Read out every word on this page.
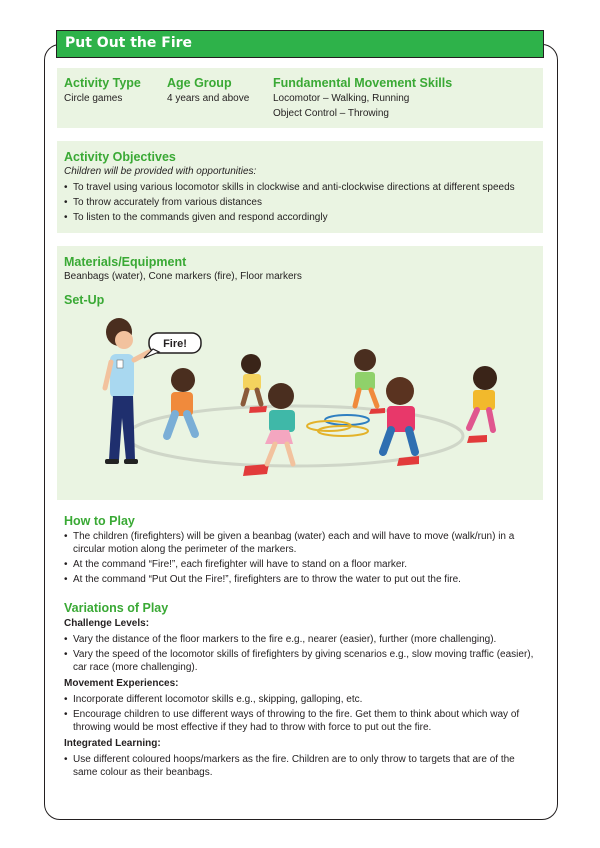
Put Out the Fire
Activity Type
Circle games
Age Group
4 years and above
Fundamental Movement Skills
Locomotor – Walking, Running
Object Control – Throwing
Activity Objectives
Children will be provided with opportunities:
• To travel using various locomotor skills in clockwise and anti-clockwise directions at different speeds
• To throw accurately from various distances
• To listen to the commands given and respond accordingly
Materials/Equipment
Beanbags (water), Cone markers (fire), Floor markers
Set-Up
Fire!
How to Play
• The children (firefighters) will be given a beanbag (water) each and will have to move (walk/run) in a circular motion along the perimeter of the markers.
• At the command “Fire!”, each firefighter will have to stand on a floor marker.
• At the command “Put Out the Fire!”, firefighters are to throw the water to put out the fire.
Variations of Play
Challenge Levels:
• Vary the distance of the floor markers to the fire e.g., nearer (easier), further (more challenging).
• Vary the speed of the locomotor skills of firefighters by giving scenarios e.g., slow moving traffic (easier), car race (more challenging).
Movement Experiences:
• Incorporate different locomotor skills e.g., skipping, galloping, etc.
• Encourage children to use different ways of throwing to the fire. Get them to think about which way of throwing would be most effective if they had to throw with force to put out the fire.
Integrated Learning:
• Use different coloured hoops/markers as the fire. Children are to only throw to targets that are of the same colour as their beanbags.
